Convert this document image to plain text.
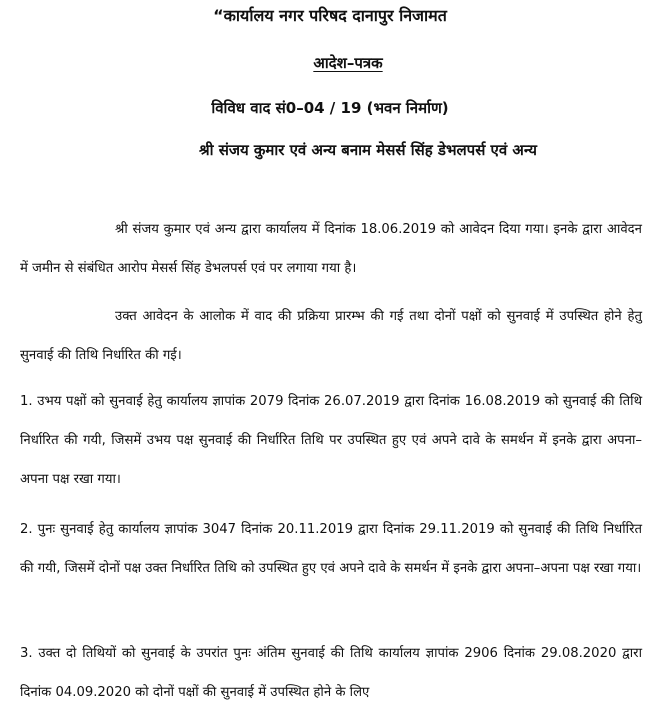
“कार्यालय नगर परिषद दानापुर निजामत
आदेश–पत्रक
विविध वाद सं0–04 / 19 (भवन निर्माण)
श्री संजय कुमार एवं अन्य बनाम मेसर्स सिंह डेभलपर्स एवं अन्य
श्री संजय कुमार एवं अन्य द्वारा कार्यालय में दिनांक 18.06.2019 को आवेदन दिया गया। इनके द्वारा आवेदन में जमीन से संबंधित आरोप मेसर्स सिंह डेभलपर्स एवं पर लगाया गया है।
उक्त आवेदन के आलोक में वाद की प्रक्रिया प्रारम्भ की गई तथा दोनों पक्षों को सुनवाई में उपस्थित होने हेतु सुनवाई की तिथि निर्धारित की गई।
1. उभय पक्षों को सुनवाई हेतु कार्यालय ज्ञापांक 2079 दिनांक 26.07.2019 द्वारा दिनांक 16.08.2019 को सुनवाई की तिथि निर्धारित की गयी, जिसमें उभय पक्ष सुनवाई की निर्धारित तिथि पर उपस्थित हुए एवं अपने दावे के समर्थन में इनके द्वारा अपना–अपना पक्ष रखा गया।
2. पुनः सुनवाई हेतु कार्यालय ज्ञापांक 3047 दिनांक 20.11.2019 द्वारा दिनांक 29.11.2019 को सुनवाई की तिथि निर्धारित की गयी, जिसमें दोनों पक्ष उक्त निर्धारित तिथि को उपस्थित हुए एवं अपने दावे के समर्थन में इनके द्वारा अपना–अपना पक्ष रखा गया।
3. उक्त दो तिथियों को सुनवाई के उपरांत पुनः अंतिम सुनवाई की तिथि कार्यालय ज्ञापांक 2906 दिनांक 29.08.2020 द्वारा दिनांक 04.09.2020 को दोनों पक्षों की सुनवाई में उपस्थित होने के लिए
